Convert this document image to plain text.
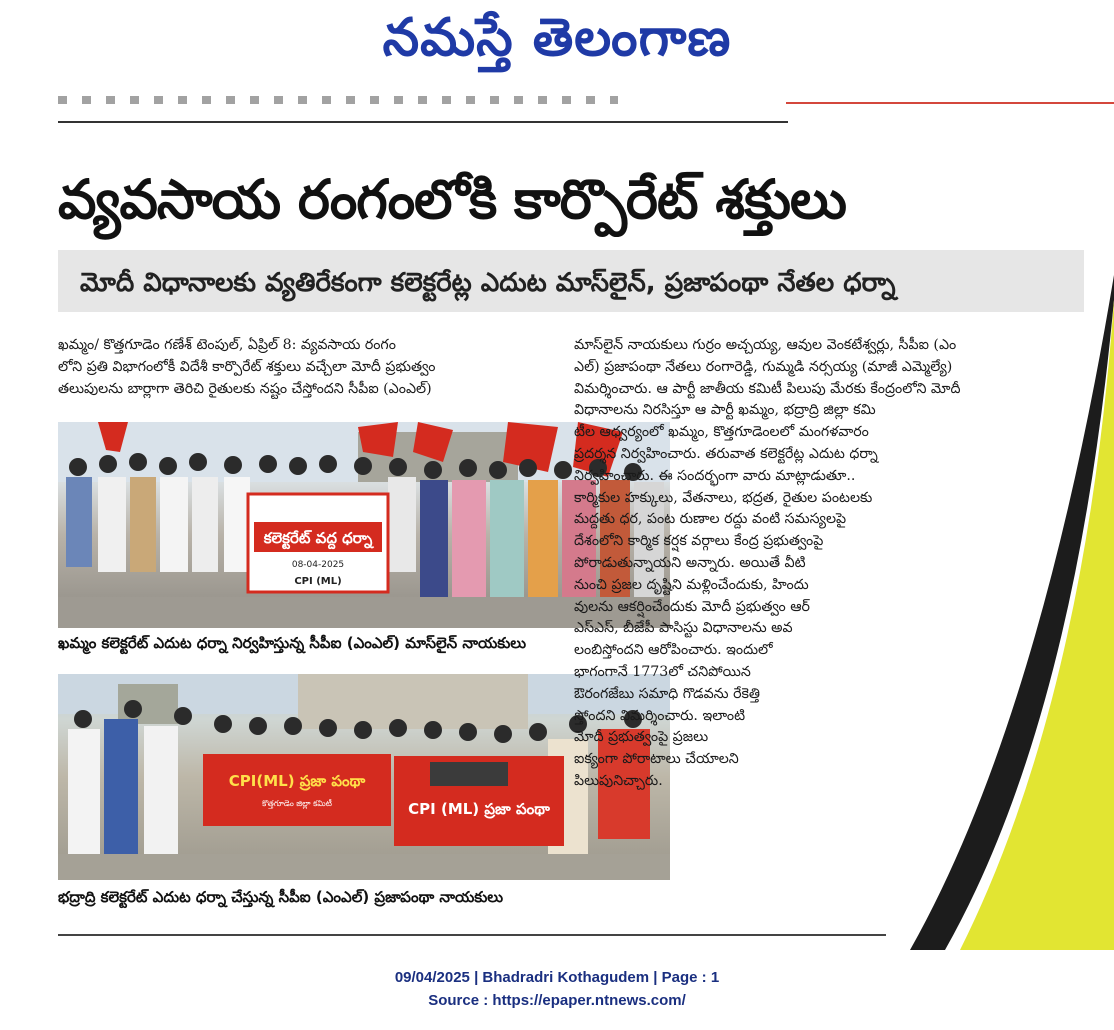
నమస్తే తెలంగాణ
వ్యవసాయ రంగంలోకి కార్పొరేట్ శక్తులు
మోదీ విధానాలకు వ్యతిరేకంగా కలెక్టరేట్ల ఎదుట మాస్‌లైన్, ప్రజాపంథా నేతల ధర్నా
ఖమ్మం/ కొత్తగూడెం గణేశ్ టెంపుల్, ఏప్రిల్ 8: వ్యవసాయ రంగం
లోని ప్రతి విభాగంలోకీ విదేశీ కార్పొరేట్ శక్తులు వచ్చేలా మోదీ ప్రభుత్వం
తలుపులను బార్లాగా తెరిచి రైతులకు నష్టం చేస్తోందని సీపీఐ (ఎంఎల్)
కలెక్టరేట్ వద్ద ధర్నా
08-04-2025
CPI (ML)
ఖమ్మం కలెక్టరేట్ ఎదుట ధర్నా నిర్వహిస్తున్న సీపీఐ (ఎంఎల్) మాస్‌లైన్ నాయకులు
CPI(ML) ప్రజా పంథా
కొత్తగూడెం జిల్లా కమిటీ	CPI (ML) ప్రజా పంథా
భద్రాద్రి కలెక్టరేట్ ఎదుట ధర్నా చేస్తున్న సీపీఐ (ఎంఎల్) ప్రజాపంథా నాయకులు
మాస్‌లైన్ నాయకులు గుర్రం అచ్చయ్య, ఆవుల వెంకటేశ్వర్లు, సీపీఐ (ఎం
ఎల్) ప్రజాపంథా నేతలు రంగారెడ్డి, గుమ్మడి నర్సయ్య (మాజీ ఎమ్మెల్యే)
విమర్శించారు. ఆ పార్టీ జాతీయ కమిటీ పిలుపు మేరకు కేంద్రంలోని మోదీ
విధానాలను నిరసిస్తూ ఆ పార్టీ ఖమ్మం, భద్రాద్రి జిల్లా కమి
టీల ఆధ్వర్యంలో ఖమ్మం, కొత్తగూడెంలలో మంగళవారం
ప్రదర్శన నిర్వహించారు. తరువాత కలెక్టరేట్ల ఎదుట ధర్నా
నిర్వహించారు. ఈ సందర్భంగా వారు మాట్లాడుతూ..
కార్మికుల హక్కులు, వేతనాలు, భద్రత, రైతుల పంటలకు
మద్దతు ధర, పంట రుణాల రద్దు వంటి సమస్యలపై
దేశంలోని కార్మిక కర్షక వర్గాలు కేంద్ర ప్రభుత్వంపై
పోరాడుతున్నాయని అన్నారు. అయితే వీటి
నుంచి ప్రజల దృష్టిని మళ్లించేందుకు, హిందు
వులను ఆకర్షించేందుకు మోదీ ప్రభుత్వం ఆర్
ఎస్ఎస్, బీజేపీ పాసిస్టు విధానాలను అవ
లంబిస్తోందని ఆరోపించారు. ఇందులో
భాగంగానే 1773లో చనిపోయిన
ఔరంగజేబు సమాధి గొడవను రేకెత్తి
స్తోందని విమర్శించారు. ఇలాంటి
మోదీ ప్రభుత్వంపై ప్రజలు
ఐక్యంగా పోరాటాలు చేయాలని
పిలుపునిచ్చారు.
09/04/2025 | Bhadradri Kothagudem | Page : 1
Source : https://epaper.ntnews.com/
